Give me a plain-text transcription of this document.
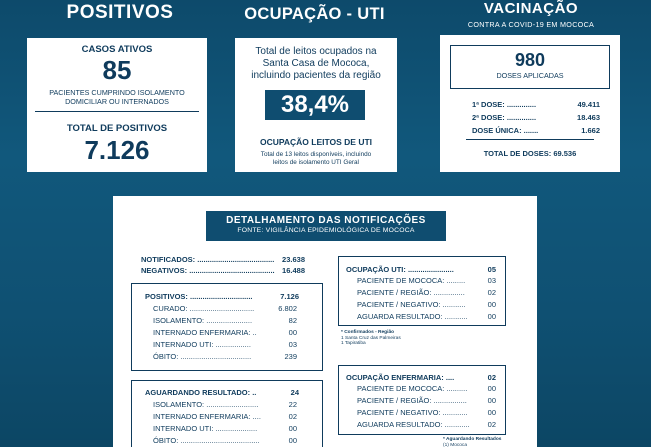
POSITIVOS
CASOS ATIVOS
85
PACIENTES CUMPRINDO ISOLAMENTO
DOMICILIAR OU INTERNADOS
TOTAL DE POSITIVOS
7.126
OCUPAÇÃO - UTI
Total de leitos ocupados na
Santa Casa de Mococa,
incluindo pacientes da região
38,4%
OCUPAÇÃO LEITOS DE UTI
Total de 13 leitos disponíveis, incluindo
leitos de isolamento UTI Geral
VACINAÇÃO
CONTRA A COVID-19 EM MOCOCA
980
DOSES APLICADAS
1ª DOSE: ..............	49.411
2ª DOSE: ..............	18.463
DOSE ÚNICA: .......	1.662
TOTAL DE DOSES: 69.536
DETALHAMENTO DAS NOTIFICAÇÕES
FONTE: VIGILÂNCIA EPIDEMIOLÓGICA DE MOCOCA
NOTIFICADOS: ..................................... 23.638
NEGATIVOS: ......................................... 16.488
POSITIVOS: ..............................	7.126
CURADO: ...............................	6.802
ISOLAMENTO: ......................	82
INTERNADO ENFERMARIA: ..	00
INTERNADO UTI: .................	03
ÓBITO: ..................................	239
AGUARDANDO RESULTADO: ..	24
ISOLAMENTO: .........................	22
INTERNADO ENFERMARIA: ....	02
INTERNADO UTI: ....................	00
ÓBITO: ......................................	00
OCUPAÇÃO UTI: ......................	05
PACIENTE DE MOCOCA: .........	03
PACIENTE / REGIÃO: ...............	02
PACIENTE / NEGATIVO: ...........	00
AGUARDA RESULTADO: ...........	00
* Confirmados - Região
1 Santa Cruz das Palmeiras
1 Tapiratiba
OCUPAÇÃO ENFERMARIA: ....	02
PACIENTE DE MOCOCA: ..........	00
PACIENTE / REGIÃO: ................	00
PACIENTE / NEGATIVO: ............	00
AGUARDA RESULTADO: ............ 02
* Aguardando Resultados
(1) Mococa
